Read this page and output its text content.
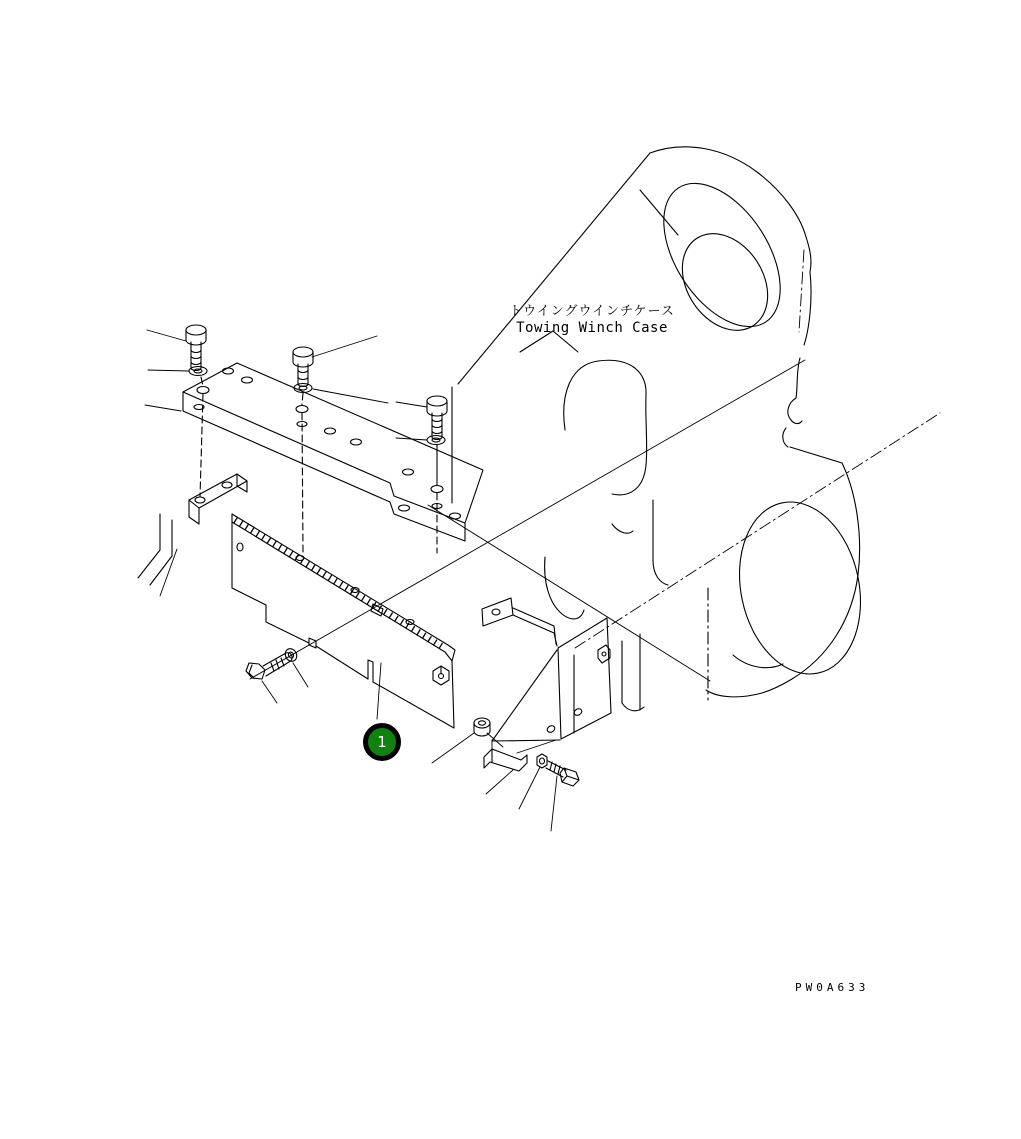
トウイングウインチケース
Towing Winch Case
PW0A633
1
